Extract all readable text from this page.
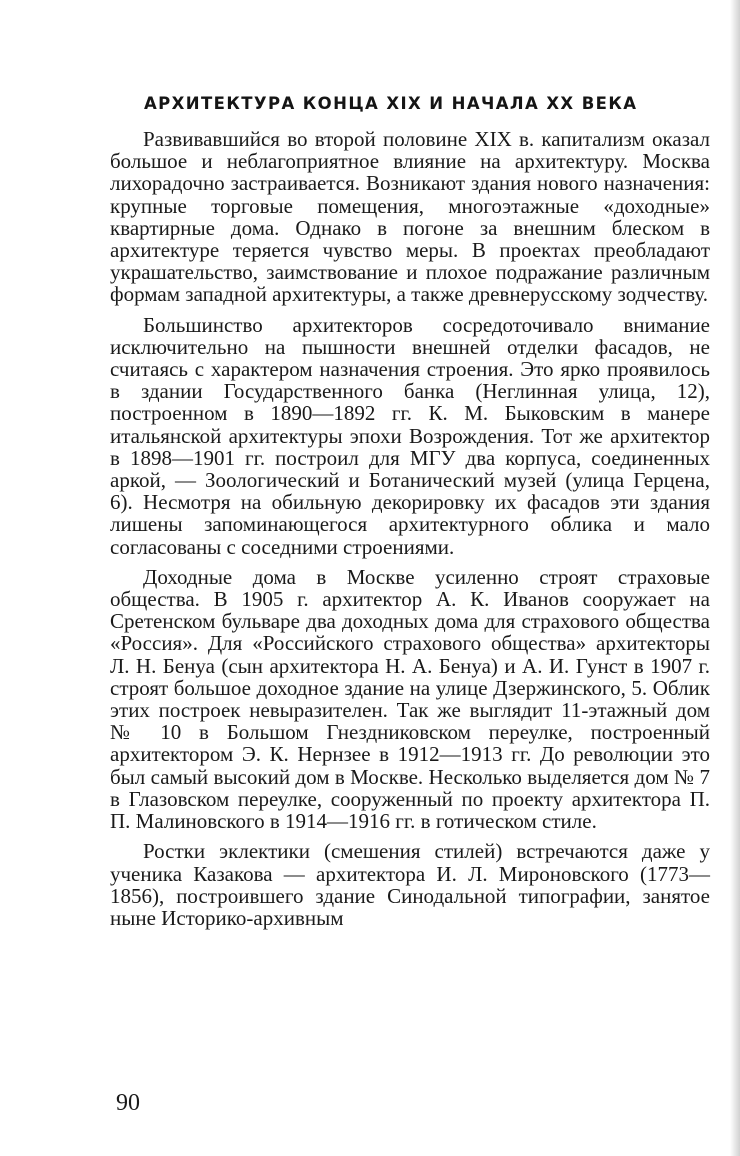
АРХИТЕКТУРА КОНЦА XIX И НАЧАЛА XX ВЕКА

Развивавшийся во второй половине XIX в. капитализм оказал большое и неблагоприятное влияние на архитектуру. Москва лихорадочно застраивается. Возникают здания нового назначения: крупные торговые помещения, многоэтажные «доходные» квартирные дома. Однако в погоне за внешним блеском в архитектуре теряется чувство меры. В проектах преобладают украшательство, заимствование и плохое подражание различным формам западной архитектуры, а также древнерусскому зодчеству.

Большинство архитекторов сосредоточивало внимание исключительно на пышности внешней отделки фасадов, не считаясь с характером назначения строения. Это ярко проявилось в здании Государственного банка (Неглинная улица, 12), построенном в 1890—1892 гг. К. М. Быковским в манере итальянской архитектуры эпохи Возрождения. Тот же архитектор в 1898—1901 гг. построил для МГУ два корпуса, соединенных аркой, — Зоологический и Ботанический музей (улица Герцена, 6). Несмотря на обильную декорировку их фасадов эти здания лишены запоминающегося архитектурного облика и мало согласованы с соседними строениями.

Доходные дома в Москве усиленно строят страховые общества. В 1905 г. архитектор А. К. Иванов сооружает на Сретенском бульваре два доходных дома для страхового общества «Россия». Для «Российского страхового общества» архитекторы Л. Н. Бенуа (сын архитектора Н. А. Бенуа) и А. И. Гунст в 1907 г. строят большое доходное здание на улице Дзержинского, 5. Облик этих построек невыразителен. Так же выглядит 11-этажный дом № 10 в Большом Гнездниковском переулке, построенный архитектором Э. К. Нернзее в 1912—1913 гг. До революции это был самый высокий дом в Москве. Несколько выделяется дом № 7 в Глазовском переулке, сооруженный по проекту архитектора П. П. Малиновского в 1914—1916 гг. в готическом стиле.

Ростки эклектики (смешения стилей) встречаются даже у ученика Казакова — архитектора И. Л. Мироновского (1773—1856), построившего здание Синодальной типографии, занятое ныне Историко-архивным

90
